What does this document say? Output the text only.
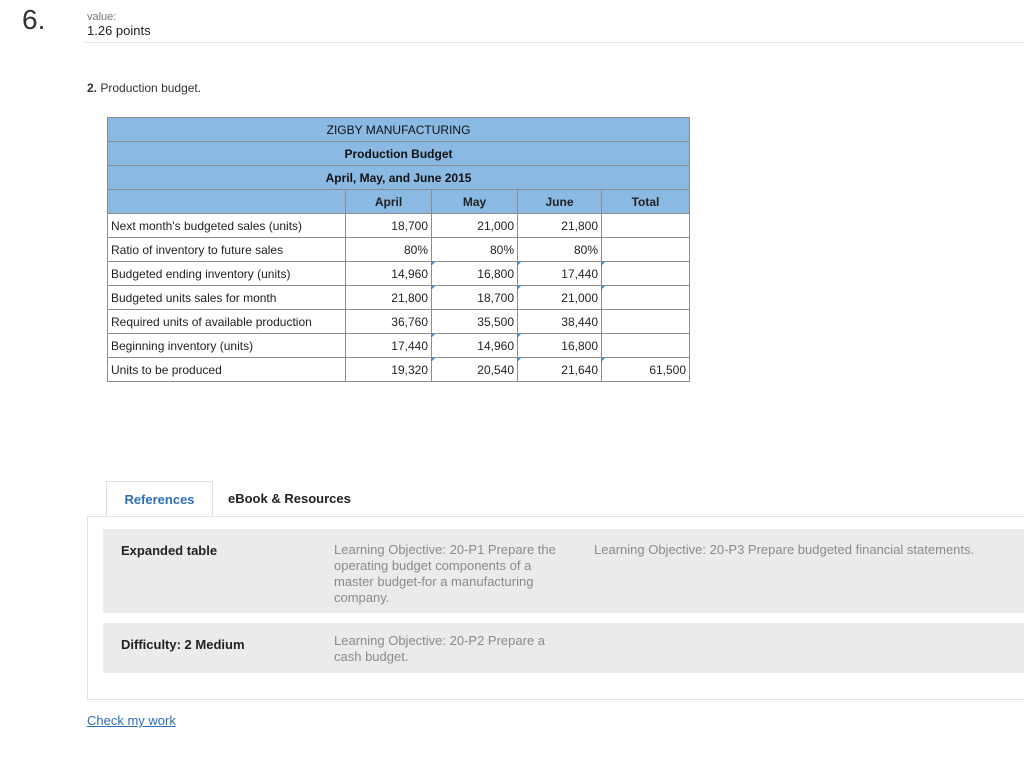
6.	value:
1.26 points
2. Production budget.
ZIGBY MANUFACTURING				
Production Budget				
April, May, and June 2015				
	April	May	June	Total
Next month's budgeted sales (units)	18,700	21,000	21,800	
Ratio of inventory to future sales	80%	80%	80%	
Budgeted ending inventory (units)	14,960	16,800	17,440	
Budgeted units sales for month	21,800	18,700	21,000	
Required units of available production	36,760	35,500	38,440	
Beginning inventory (units)	17,440	14,960	16,800	
Units to be produced	19,320	20,540	21,640	61,500
References	eBook & Resources
Expanded table	Learning Objective: 20-P1 Prepare the operating budget components of a master budget-for a manufacturing company.
Learning Objective: 20-P3 Prepare budgeted financial statements.
Difficulty: 2 Medium	Learning Objective: 20-P2 Prepare a cash budget.
Check my work
